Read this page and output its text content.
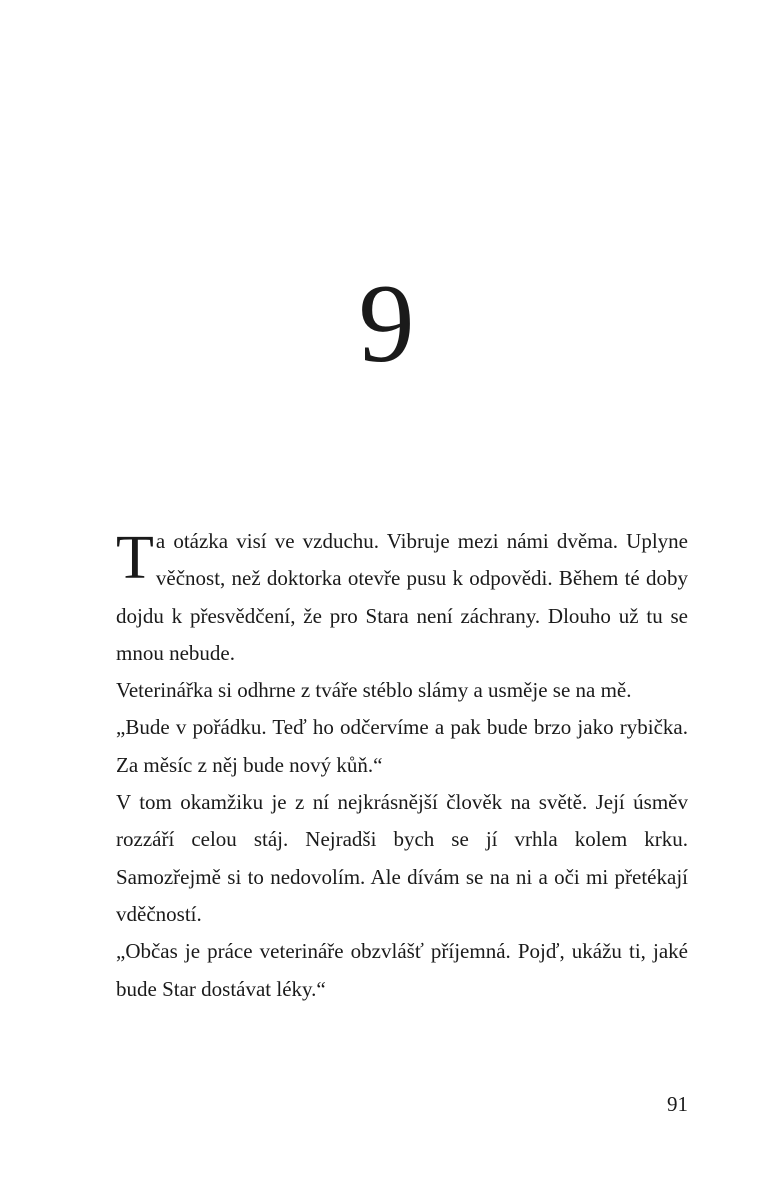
9

Ta otázka visí ve vzduchu. Vibruje mezi námi dvěma. Uplyne věčnost, než doktorka otevře pusu k odpovědi. Během té doby dojdu k přesvědčení, že pro Stara není záchrany. Dlouho už tu se mnou nebude.

Veterinářka si odhrne z tváře stéblo slámy a usměje se na mě.

„Bude v pořádku. Teď ho odčervíme a pak bude brzo jako rybička. Za měsíc z něj bude nový kůň.“

V tom okamžiku je z ní nejkrásnější člověk na světě. Její úsměv rozzáří celou stáj. Nejradši bych se jí vrhla kolem krku. Samozřejmě si to nedovolím. Ale dívám se na ni a oči mi přetékají vděčností.

„Občas je práce veterináře obzvlášť příjemná. Pojď, ukážu ti, jaké bude Star dostávat léky.“

91
